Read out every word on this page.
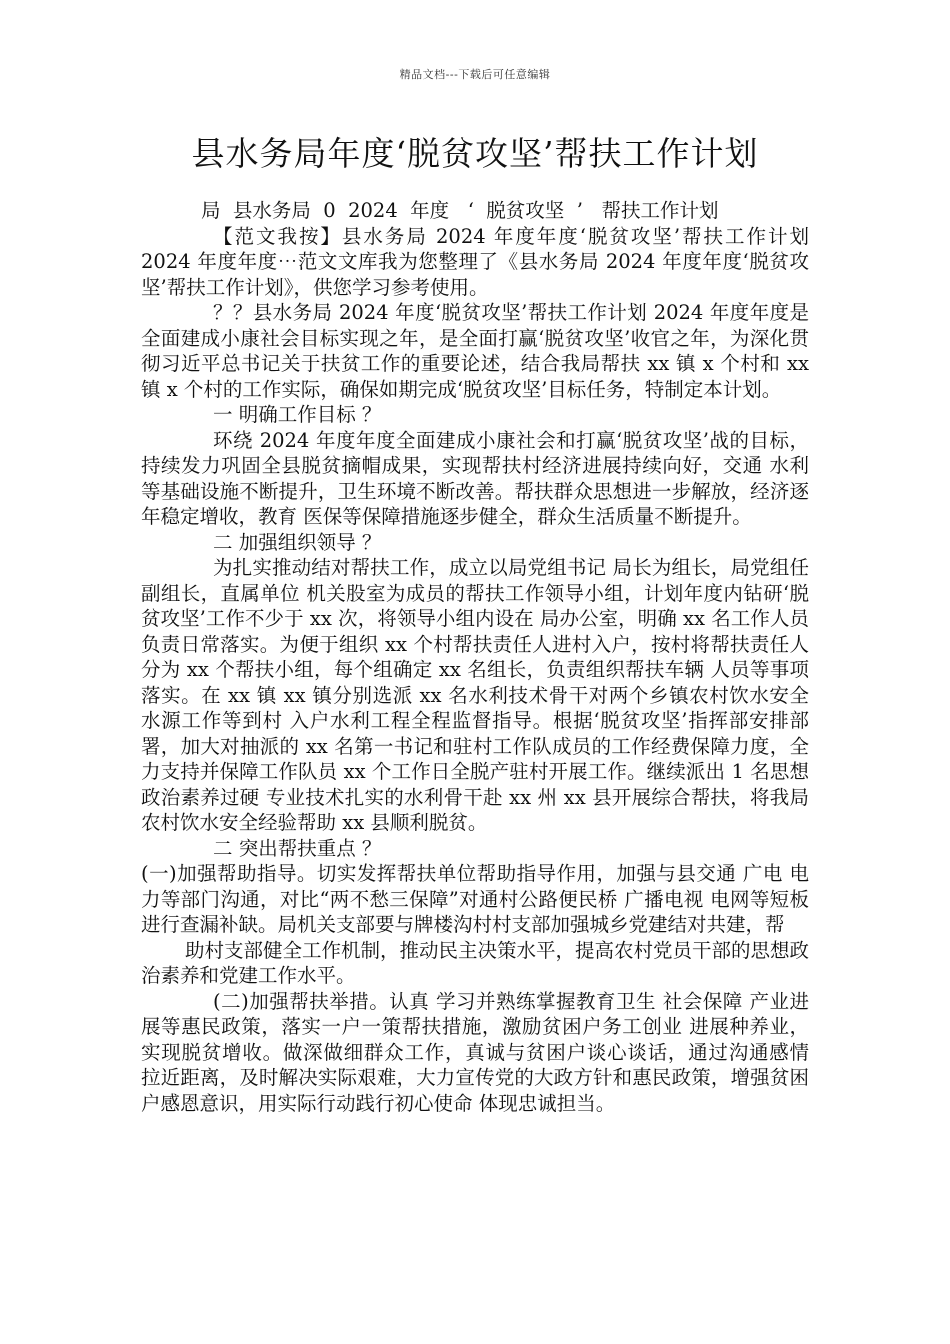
精品文档---下载后可任意编辑
县水务局年度‘脱贫攻坚’帮扶工作计划

局  县水务局  0  2024  年度   ‘  脱贫攻坚  ’   帮扶工作计划

【范文我按】县水务局 2024 年度年度‘脱贫攻坚’帮扶工作计划 2024 年度年度⋯范文文库我为您整理了《县水务局 2024 年度年度‘脱贫攻坚’帮扶工作计划》，供您学习参考使用。

？？县水务局 2024 年度‘脱贫攻坚’帮扶工作计划 2024 年度年度是全面建成小康社会目标实现之年，是全面打赢‘脱贫攻坚’收官之年，为深化贯彻习近平总书记关于扶贫工作的重要论述，结合我局帮扶 xx 镇 x 个村和 xx 镇 x 个村的工作实际，确保如期完成‘脱贫攻坚’目标任务，特制定本计划。

一 明确工作目标 ？

环绕 2024 年度年度全面建成小康社会和打赢‘脱贫攻坚’战的目标，持续发力巩固全县脱贫摘帽成果，实现帮扶村经济进展持续向好，交通 水利等基础设施不断提升，卫生环境不断改善。帮扶群众思想进一步解放，经济逐年稳定增收，教育 医保等保障措施逐步健全，群众生活质量不断提升。

二 加强组织领导 ？

为扎实推动结对帮扶工作，成立以局党组书记 局长为组长，局党组任副组长，直属单位 机关股室为成员的帮扶工作领导小组，计划年度内钻研‘脱贫攻坚’工作不少于 xx 次，将领导小组内设在 局办公室，明确 xx 名工作人员负责日常落实。为便于组织 xx 个村帮扶责任人进村入户，按村将帮扶责任人分为 xx 个帮扶小组，每个组确定 xx 名组长，负责组织帮扶车辆 人员等事项落实。在 xx 镇 xx 镇分别选派 xx 名水利技术骨干对两个乡镇农村饮水安全 水源工作等到村 入户水利工程全程监督指导。根据‘脱贫攻坚’指挥部安排部署，加大对抽派的 xx 名第一书记和驻村工作队成员的工作经费保障力度，全力支持并保障工作队员 xx 个工作日全脱产驻村开展工作。继续派出 1 名思想政治素养过硬 专业技术扎实的水利骨干赴 xx 州 xx 县开展综合帮扶，将我局农村饮水安全经验帮助 xx 县顺利脱贫。

二 突出帮扶重点 ？

(一)加强帮助指导。切实发挥帮扶单位帮助指导作用，加强与县交通 广电 电力等部门沟通，对比“两不愁三保障”对通村公路便民桥 广播电视 电网等短板进行查漏补缺。局机关支部要与牌楼沟村村支部加强城乡党建结对共建，帮

助村支部健全工作机制，推动民主决策水平，提高农村党员干部的思想政治素养和党建工作水平。

(二)加强帮扶举措。认真 学习并熟练掌握教育卫生 社会保障 产业进展等惠民政策，落实一户一策帮扶措施，激励贫困户务工创业 进展种养业，实现脱贫增收。做深做细群众工作，真诚与贫困户谈心谈话，通过沟通感情 拉近距离，及时解决实际艰难，大力宣传党的大政方针和惠民政策，增强贫困户感恩意识，用实际行动践行初心使命 体现忠诚担当。
